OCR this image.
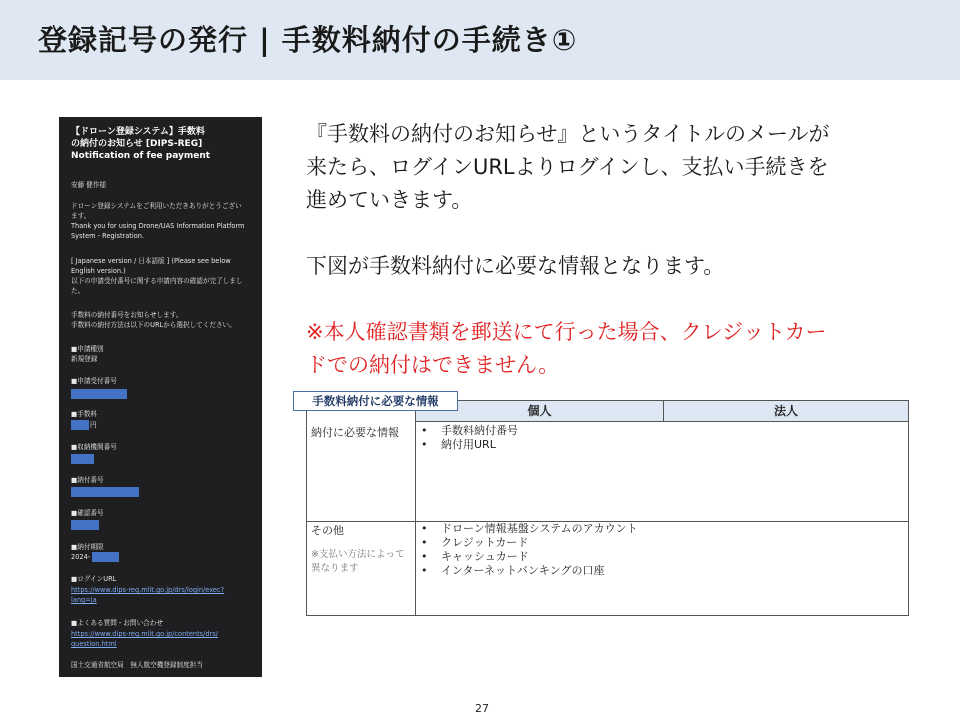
登録記号の発行 | 手数料納付の手続き①
【ドローン登録システム】手数料
の納付のお知らせ [DIPS-REG]
Notification of fee payment
安藤 健作様
ドローン登録システムをご利用いただきありがとうござい
ます。
Thank you for using Drone/UAS Information Platform
System - Registration.
[ Japanese version / 日本語版 ] (Please see below
English version.)
以下の申請受付番号に関する申請内容の確認が完了しまし
た。
手数料の納付番号をお知らせします。
手数料の納付方法は以下のURLから選択してください。
■申請種別
新規登録
■申請受付番号
■手数料
円
■収納機関番号
■納付番号
■確認番号
■納付期限
2024-
■ログインURL
https://www.dips-reg.mlit.go.jp/drs/login/exec?
lang=ja
■よくある質問・お問い合わせ
https://www.dips-reg.mlit.go.jp/contents/drs/
question.html
国土交通省航空局　無人航空機登録制度担当
『手数料の納付のお知らせ』というタイトルのメールが
来たら、ログインURLよりログインし、支払い手続きを
進めていきます。
下図が手数料納付に必要な情報となります。
※本人確認書類を郵送にて行った場合、クレジットカー
ドでの納付はできません。
手数料納付に必要な情報
個人	法人
納付に必要な情報 • 手数料納付番号
• 納付用URL
その他
※支払い方法によって異なります
• ドローン情報基盤システムのアカウント
• クレジットカード
• キャッシュカード
• インターネットバンキングの口座
27
